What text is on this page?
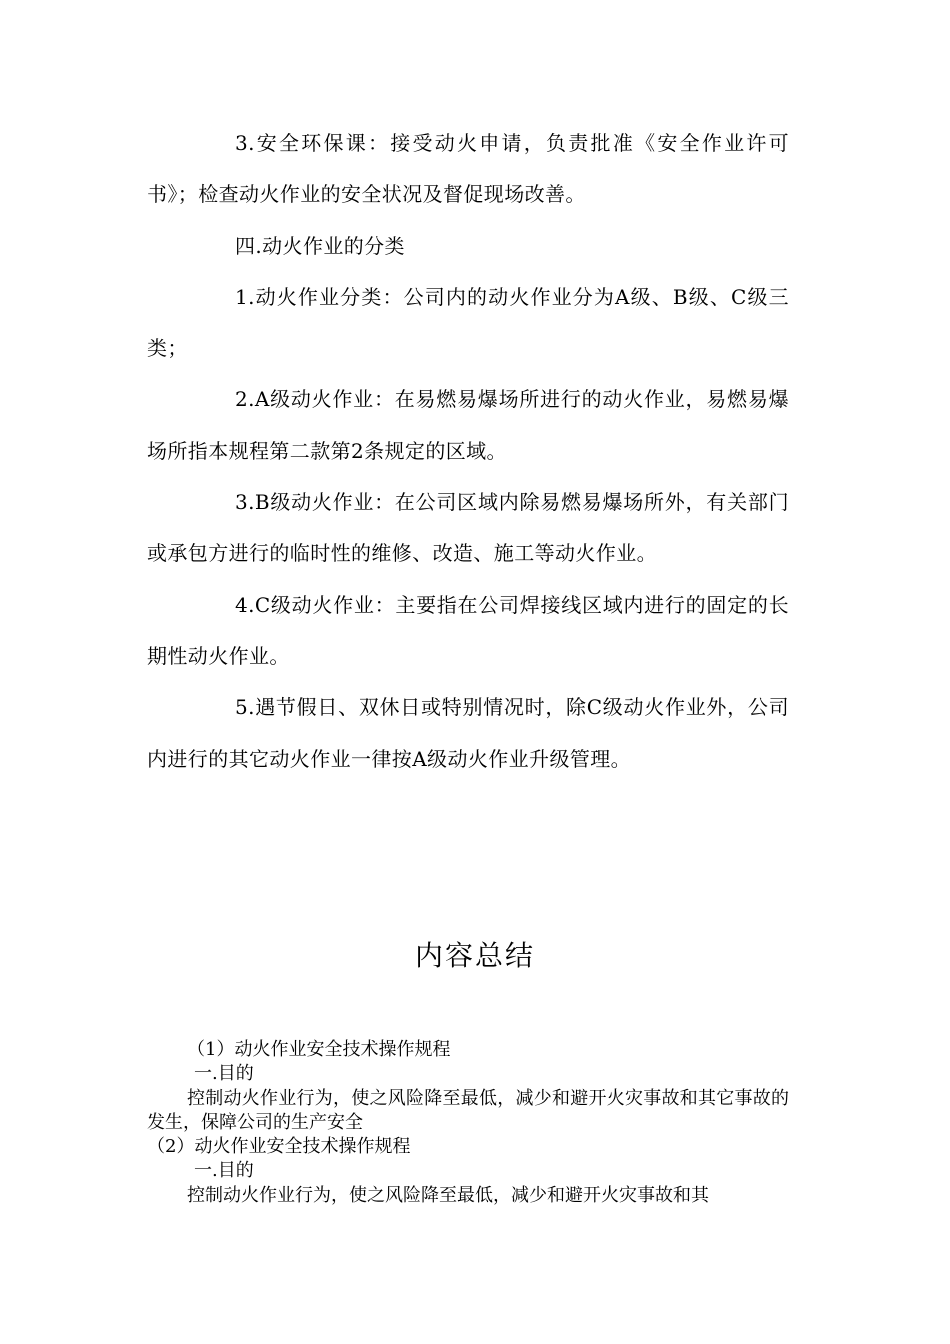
3.安全环保课：接受动火申请，负责批准《安全作业许可书》；检查动火作业的安全状况及督促现场改善。

四.动火作业的分类

1.动火作业分类：公司内的动火作业分为A级、B级、C级三类；

2.A级动火作业：在易燃易爆场所进行的动火作业，易燃易爆场所指本规程第二款第2条规定的区域。

3.B级动火作业：在公司区域内除易燃易爆场所外，有关部门或承包方进行的临时性的维修、改造、施工等动火作业。

4.C级动火作业：主要指在公司焊接线区域内进行的固定的长期性动火作业。

5.遇节假日、双休日或特别情况时，除C级动火作业外，公司内进行的其它动火作业一律按A级动火作业升级管理。

内容总结

（1）动火作业安全技术操作规程

一.目的

控制动火作业行为，使之风险降至最低，减少和避开火灾事故和其它事故的发生，保障公司的生产安全

（2）动火作业安全技术操作规程

一.目的

控制动火作业行为，使之风险降至最低，减少和避开火灾事故和其
